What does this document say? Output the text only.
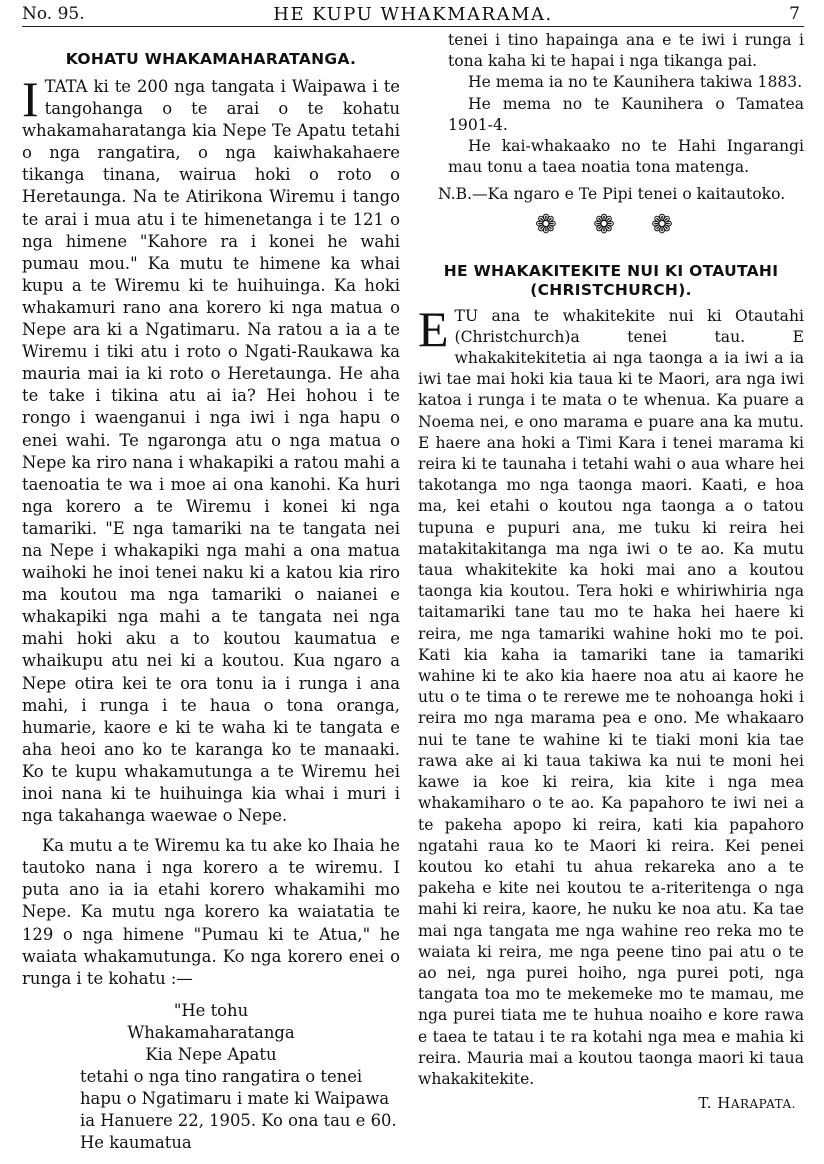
No. 95.	HE KUPU WHAKMARAMA.	7
KOHATU WHAKAMAHARATANGA.

ITATA ki te 200 nga tangata i Waipawa i te tangohanga o te arai o te kohatu whakamaharatanga kia Nepe Te Apatu tetahi o nga rangatira, o nga kaiwhakahaere tikanga tinana, wairua hoki o roto o Heretaunga. Na te Atirikona Wiremu i tango te arai i mua atu i te himenetanga i te 121 o nga himene "Kahore ra i konei he wahi pumau mou." Ka mutu te himene ka whai kupu a te Wiremu ki te huihuinga. Ka hoki whakamuri rano ana korero ki nga matua o Nepe ara ki a Ngatimaru. Na ratou a ia a te Wiremu i tiki atu i roto o Ngati-Raukawa ka mauria mai ia ki roto o Heretaunga. He aha te take i tikina atu ai ia? Hei hohou i te rongo i waenganui i nga iwi i nga hapu o enei wahi. Te ngaronga atu o nga matua o Nepe ka riro nana i whakapiki a ratou mahi a taenoatia te wa i moe ai ona kanohi. Ka huri nga korero a te Wiremu i konei ki nga tamariki. "E nga tamariki na te tangata nei na Nepe i whakapiki nga mahi a ona matua waihoki he inoi tenei naku ki a katou kia riro ma koutou ma nga tamariki o naianei e whakapiki nga mahi a te tangata nei nga mahi hoki aku a to koutou kaumatua e whaikupu atu nei ki a koutou. Kua ngaro a Nepe otira kei te ora tonu ia i runga i ana mahi, i runga i te haua o tona oranga, humarie, kaore e ki te waha ki te tangata e aha heoi ano ko te karanga ko te manaaki. Ko te kupu whakamutunga a te Wiremu hei inoi nana ki te huihuinga kia whai i muri i nga takahanga waewae o Nepe.

Ka mutu a te Wiremu ka tu ake ko Ihaia he tautoko nana i nga korero a te wiremu. I puta ano ia ia etahi korero whakamihi mo Nepe. Ka mutu nga korero ka waiatatia te 129 o nga himene "Pumau ki te Atua," he waiata whakamutunga. Ko nga korero enei o runga i te kohatu :—

"He tohu
Whakamaharatanga
Kia Nepe Apatu

tetahi o nga tino rangatira o tenei hapu o Ngatimaru i mate ki Waipawa ia Hanuere 22, 1905. Ko ona tau e 60. He kaumatua

tenei i tino hapainga ana e te iwi i runga i tona kaha ki te hapai i nga tikanga pai.

He mema ia no te Kaunihera takiwa 1883.

He mema no te Kaunihera o Tamatea 1901-4.

He kai-whakaako no te Hahi Ingarangi mau tonu a taea noatia tona matenga.

N.B.—Ka ngaro e Te Pipi tenei o kaitautoko.

❁ ❁ ❁
HE WHAKAKITEKITE NUI KI OTAUTAHI
(CHRISTCHURCH).

ETU ana te whakitekite nui ki Otautahi (Christchurch)a tenei tau. E whakakitekitetia ai nga taonga a ia iwi a ia iwi tae mai hoki kia taua ki te Maori, ara nga iwi katoa i runga i te mata o te whenua. Ka puare a Noema nei, e ono marama e puare ana ka mutu. E haere ana hoki a Timi Kara i tenei marama ki reira ki te taunaha i tetahi wahi o aua whare hei takotanga mo nga taonga maori. Kaati, e hoa ma, kei etahi o koutou nga taonga a o tatou tupuna e pupuri ana, me tuku ki reira hei matakitakitanga ma nga iwi o te ao. Ka mutu taua whakitekite ka hoki mai ano a koutou taonga kia koutou. Tera hoki e whiriwhiria nga taitamariki tane tau mo te haka hei haere ki reira, me nga tamariki wahine hoki mo te poi. Kati kia kaha ia tamariki tane ia tamariki wahine ki te ako kia haere noa atu ai kaore he utu o te tima o te rerewe me te nohoanga hoki i reira mo nga marama pea e ono. Me whakaaro nui te tane te wahine ki te tiaki moni kia tae rawa ake ai ki taua takiwa ka nui te moni hei kawe ia koe ki reira, kia kite i nga mea whakamiharo o te ao. Ka papahoro te iwi nei a te pakeha apopo ki reira, kati kia papahoro ngatahi raua ko te Maori ki reira. Kei penei koutou ko etahi tu ahua rekareka ano a te pakeha e kite nei koutou te a-riteritenga o nga mahi ki reira, kaore, he nuku ke noa atu. Ka tae mai nga tangata me nga wahine reo reka mo te waiata ki reira, me nga peene tino pai atu o te ao nei, nga purei hoiho, nga purei poti, nga tangata toa mo te mekemeke mo te mamau, me nga purei tiata me te huhua noaiho e kore rawa e taea te tatau i te ra kotahi nga mea e mahia ki reira. Mauria mai a koutou taonga maori ki taua whakakitekite.

T. HARAPATA.
